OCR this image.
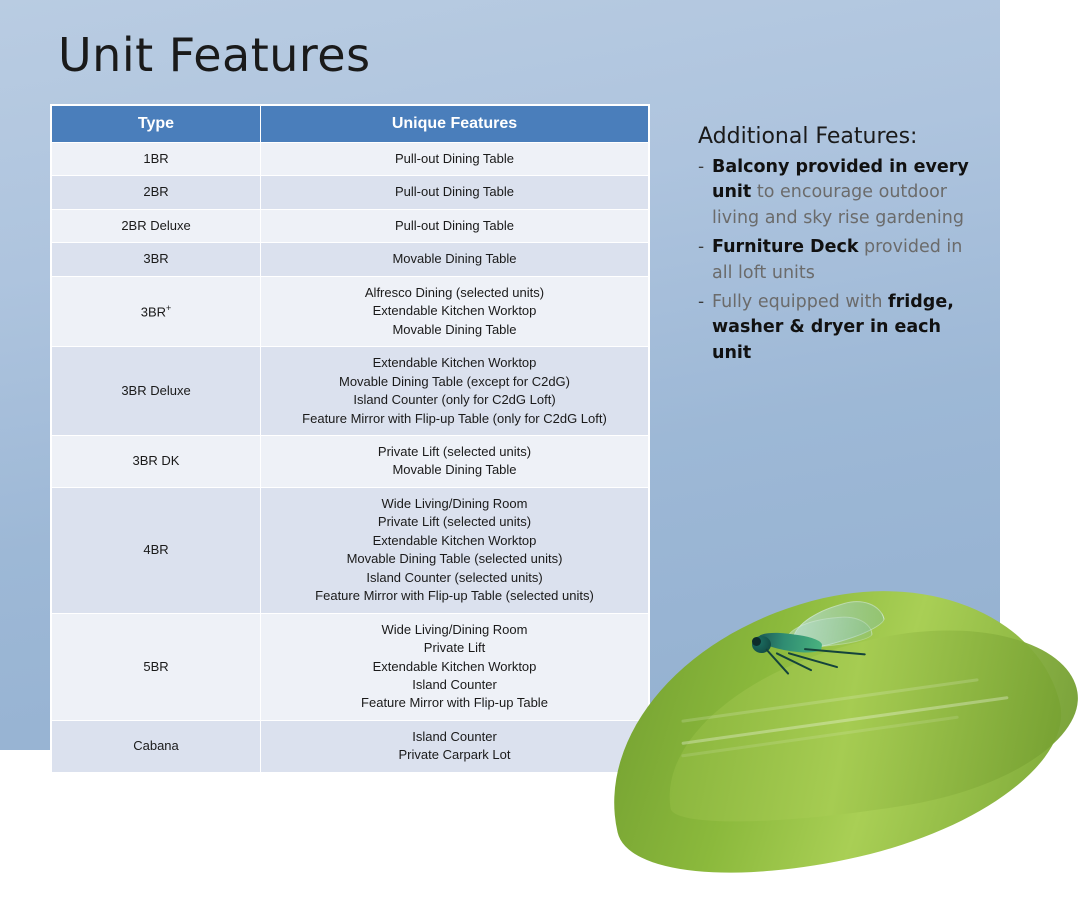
Unit Features
Type	Unique Features
1BR	Pull-out Dining Table
2BR	Pull-out Dining Table
2BR Deluxe	Pull-out Dining Table
3BR	Movable Dining Table
3BR+	Alfresco Dining (selected units)
Extendable Kitchen Worktop
Movable Dining Table
3BR Deluxe	Extendable Kitchen Worktop
Movable Dining Table (except for C2dG)
Island Counter (only for C2dG Loft)
Feature Mirror with Flip-up Table (only for C2dG Loft)
3BR DK	Private Lift (selected units)
Movable Dining Table
4BR	Wide Living/Dining Room
Private Lift (selected units)
Extendable Kitchen Worktop
Movable Dining Table (selected units)
Island Counter (selected units)
Feature Mirror with Flip-up Table (selected units)
5BR	Wide Living/Dining Room
Private Lift
Extendable Kitchen Worktop
Island Counter
Feature Mirror with Flip-up Table
Cabana	Island Counter
Private Carpark Lot
Additional Features:
- Balcony provided in every unit to encourage outdoor living and sky rise gardening
- Furniture Deck provided in all loft units
- Fully equipped with fridge, washer & dryer in each unit
